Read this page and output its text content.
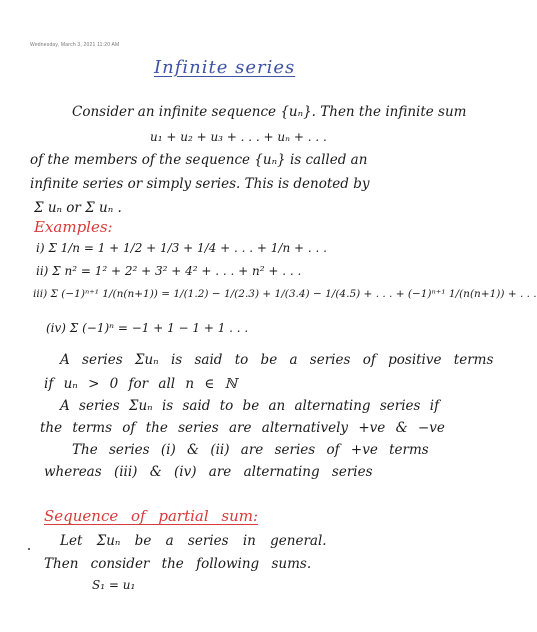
Wednesday, March 3, 2021 11:20 AM
Infinite series
Consider an infinite sequence {uₙ}. Then the infinite sum
u₁ + u₂ + u₃ + . . . + uₙ + . . .
of the members of the sequence {uₙ} is called an
infinite series or simply series. This is denoted by
Σ uₙ or Σ uₙ .
Examples:
i) Σ 1/n = 1 + 1/2 + 1/3 + 1/4 + . . . + 1/n + . . .
ii) Σ n² = 1² + 2² + 3² + 4² + . . . + n² + . . .
iii) Σ (−1)ⁿ⁺¹ 1/(n(n+1)) = 1/(1.2) − 1/(2.3) + 1/(3.4) − 1/(4.5) + . . . + (−1)ⁿ⁺¹ 1/(n(n+1)) + . . .
(iv) Σ (−1)ⁿ = −1 + 1 − 1 + 1 . . .
A series Σuₙ is said to be a series of positive terms
if uₙ > 0 for all n ∈ ℕ
A series Σuₙ is said to be an alternating series if
the terms of the series are alternatively +ve & −ve
The series (i) & (ii) are series of +ve terms
whereas (iii) & (iv) are alternating series
Sequence of partial sum:
Let Σuₙ be a series in general.
Then consider the following sums.
S₁ = u₁
